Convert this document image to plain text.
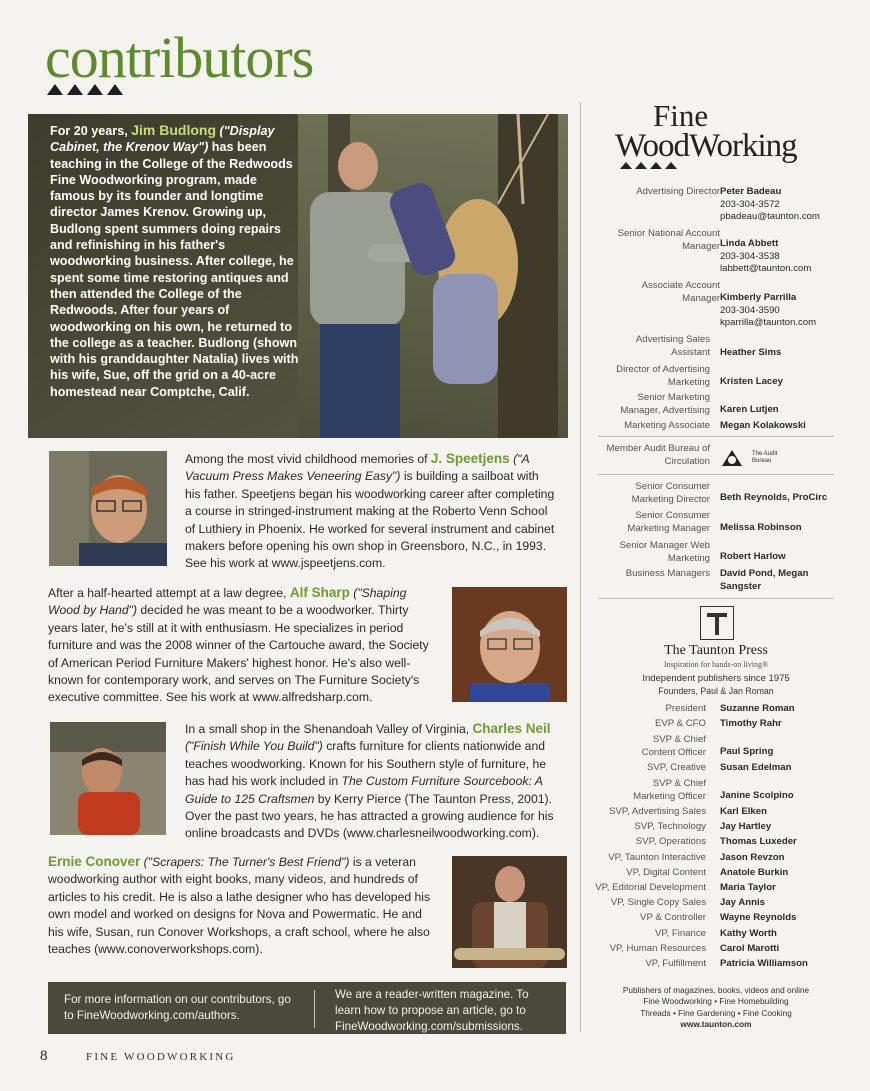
contributors
For 20 years, Jim Budlong ("Display Cabinet, the Krenov Way") has been teaching in the College of the Redwoods Fine Woodworking program, made famous by its founder and longtime director James Krenov. Growing up, Budlong spent summers doing repairs and refinishing in his father's woodworking business. After college, he spent some time restoring antiques and then attended the College of the Redwoods. After four years of woodworking on his own, he returned to the college as a teacher. Budlong (shown with his granddaughter Natalia) lives with his wife, Sue, off the grid on a 40-acre homestead near Comptche, Calif.
Among the most vivid childhood memories of J. Speetjens ("A Vacuum Press Makes Veneering Easy") is building a sailboat with his father. Speetjens began his woodworking career after completing a course in stringed-instrument making at the Roberto Venn School of Luthiery in Phoenix. He worked for several instrument and cabinet makers before opening his own shop in Greensboro, N.C., in 1993. See his work at www.jspeetjens.com.
After a half-hearted attempt at a law degree, Alf Sharp ("Shaping Wood by Hand") decided he was meant to be a woodworker. Thirty years later, he's still at it with enthusiasm. He specializes in period furniture and was the 2008 winner of the Cartouche award, the Society of American Period Furniture Makers' highest honor. He's also well-known for contemporary work, and serves on The Furniture Society's executive committee. See his work at www.alfredsharp.com.
In a small shop in the Shenandoah Valley of Virginia, Charles Neil ("Finish While You Build") crafts furniture for clients nationwide and teaches woodworking. Known for his Southern style of furniture, he has had his work included in The Custom Furniture Sourcebook: A Guide to 125 Craftsmen by Kerry Pierce (The Taunton Press, 2001). Over the past two years, he has attracted a growing audience for his online broadcasts and DVDs (www.charlesneilwoodworking.com).
Ernie Conover ("Scrapers: The Turner's Best Friend") is a veteran woodworking author with eight books, many videos, and hundreds of articles to his credit. He is also a lathe designer who has developed his own model and worked on designs for Nova and Powermatic. He and his wife, Susan, run Conover Workshops, a craft school, where he also teaches (www.conoverworkshops.com).
For more information on our contributors, go to FineWoodworking.com/authors.
We are a reader-written magazine. To learn how to propose an article, go to FineWoodworking.com/submissions.
8	FINE WOODWORKING
Fine
WoodWorking
Advertising Director Peter Badeau
203-304-3572
pbadeau@taunton.com
Senior National Account Manager Linda Abbett
203-304-3538
labbett@taunton.com
Associate Account Manager Kimberly Parrilla
203-304-3590
kparrilla@taunton.com
Advertising Sales Assistant Heather Sims
Director of Advertising Marketing Kristen Lacey
Senior Marketing Manager, Advertising Karen Lutjen
Marketing Associate Megan Kolakowski
Member Audit Bureau of Circulation
The Audit Bureau
Senior Consumer Marketing Director Beth Reynolds, ProCirc
Senior Consumer Marketing Manager Melissa Robinson
Senior Manager Web Marketing Robert Harlow
Business Managers David Pond, Megan Sangster
The Taunton Press
Inspiration for hands-on living®
Independent publishers since 1975
Founders, Paul & Jan Roman
President Suzanne Roman
EVP & CFO Timothy Rahr
SVP & Chief Content Officer Paul Spring
SVP, Creative Susan Edelman
SVP & Chief Marketing Officer Janine Scolpino
SVP, Advertising Sales Karl Elken
SVP, Technology Jay Hartley
SVP, Operations Thomas Luxeder
VP, Taunton Interactive Jason Revzon
VP, Digital Content Anatole Burkin
VP, Editorial Development Maria Taylor
VP, Single Copy Sales Jay Annis
VP & Controller Wayne Reynolds
VP, Finance Kathy Worth
VP, Human Resources Carol Marotti
VP, Fulfillment Patricia Williamson
Publishers of magazines, books, videos and online
Fine Woodworking • Fine Homebuilding
Threads • Fine Gardening • Fine Cooking
www.taunton.com
